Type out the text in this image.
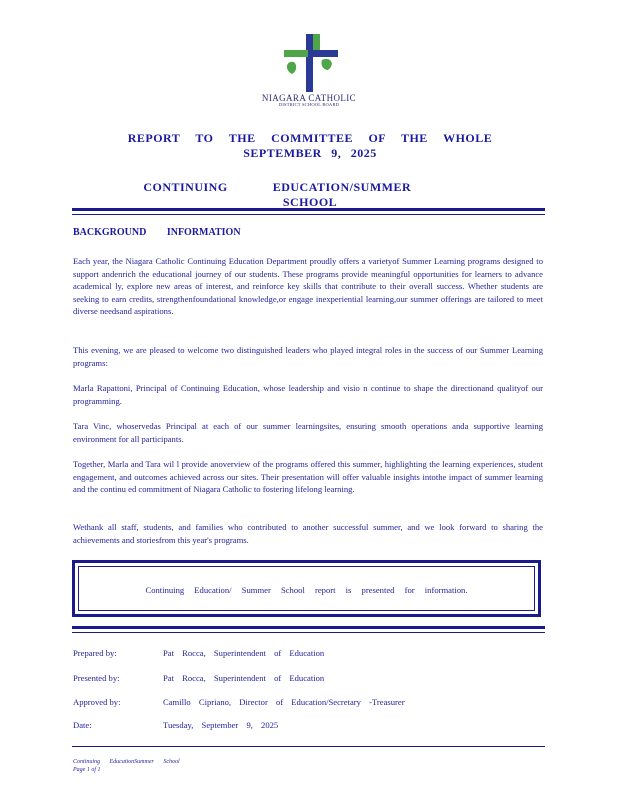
NIAGARA CATHOLIC
DISTRICT SCHOOL BOARD
REPORT TO THE COMMITTEE OF THE WHOLE
SEPTEMBER 9, 2025
CONTINUING	EDUCATION/SUMMER  SCHOOL
BACKGROUND INFORMATION
Each year, the Niagara Catholic Continuing Education Department proudly offers a varietyof Summer Learning programs designed to support andenrich the educational journey of our students. These programs provide meaningful opportunities for learners to advance academical ly, explore new areas of interest, and reinforce key skills that contribute to their overall success. Whether students are seeking to earn credits, strengthenfoundational knowledge,or engage inexperiential learning,our summer offerings are tailored to meet diverse needsand aspirations.
This evening, we are pleased to welcome two distinguished leaders who played integral roles in the success of our Summer Learning programs:
Marla Rapattoni, Principal of Continuing Education, whose leadership and visio n continue to shape the directionand qualityof our programming.
Tara Vinc, whoservedas Principal at each of our summer learningsites, ensuring smooth operations anda supportive learning environment for all participants.
Together, Marla and Tara wil l provide anoverview of the programs offered this summer, highlighting the learning experiences, student engagement, and outcomes achieved across our sites. Their presentation will offer valuable insights intothe impact of summer learning and the continu ed commitment of Niagara Catholic to fostering lifelong learning.
Wethank all staff, students, and families who contributed to another successful summer, and we look forward to sharing the achievements and storiesfrom this year's programs.
Continuing Education/ Summer School report is presented for information.
Prepared by:	Pat Rocca, Superintendent of Education
Presented by:	Pat Rocca, Superintendent of Education
Approved by:	Camillo Cipriano, Director of Education/Secretary -Treasurer
Date:	Tuesday, September 9, 2025
Continuing EducationSummer School
Page 1 of 1
